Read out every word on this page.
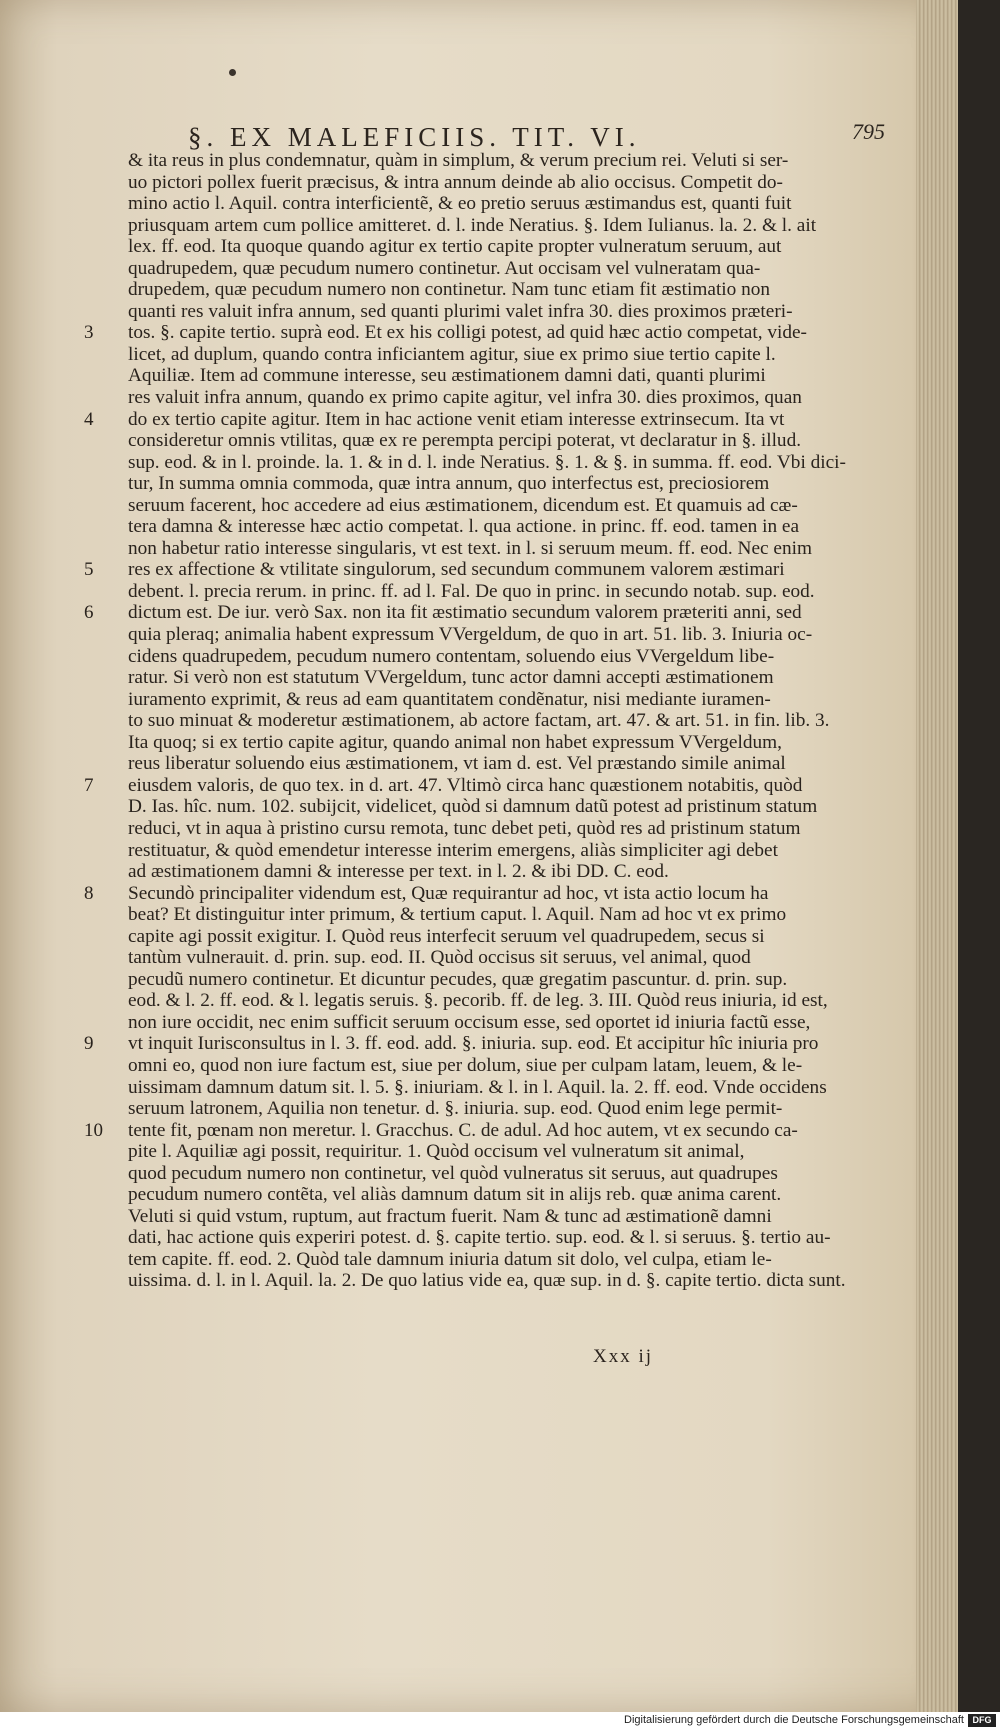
§. EX MALEFICIIS. TIT. VI.	795
& ita reus in plus condemnatur, quàm in simplum, & verum precium rei. Veluti si ser-
uo pictori pollex fuerit præcisus, & intra annum deinde ab alio occisus. Competit do-
mino actio l. Aquil. contra interficientẽ, & eo pretio seruus æstimandus est, quanti fuit
priusquam artem cum pollice amitteret. d. l. inde Neratius. §. Idem Iulianus. la. 2. & l. ait
lex. ff. eod. Ita quoque quando agitur ex tertio capite propter vulneratum seruum, aut
quadrupedem, quæ pecudum numero continetur. Aut occisam vel vulneratam qua-
drupedem, quæ pecudum numero non continetur. Nam tunc etiam fit æstimatio non
quanti res valuit infra annum, sed quanti plurimi valet infra 30. dies proximos præteri-
3 tos. §. capite tertio. suprà eod. Et ex his colligi potest, ad quid hæc actio competat, vide-
licet, ad duplum, quando contra inficiantem agitur, siue ex primo siue tertio capite l.
Aquiliæ. Item ad commune interesse, seu æstimationem damni dati, quanti plurimi
res valuit infra annum, quando ex primo capite agitur, vel infra 30. dies proximos, quan
4 do ex tertio capite agitur. Item in hac actione venit etiam interesse extrinsecum. Ita vt
consideretur omnis vtilitas, quæ ex re perempta percipi poterat, vt declaratur in §. illud.
sup. eod. & in l. proinde. la. 1. & in d. l. inde Neratius. §. 1. & §. in summa. ff. eod. Vbi dici-
tur, In summa omnia commoda, quæ intra annum, quo interfectus est, preciosiorem
seruum facerent, hoc accedere ad eius æstimationem, dicendum est. Et quamuis ad cæ-
tera damna & interesse hæc actio competat. l. qua actione. in princ. ff. eod. tamen in ea
non habetur ratio interesse singularis, vt est text. in l. si seruum meum. ff. eod. Nec enim
5 res ex affectione & vtilitate singulorum, sed secundum communem valorem æstimari
debent. l. precia rerum. in princ. ff. ad l. Fal. De quo in princ. in secundo notab. sup. eod.
6 dictum est. De iur. verò Sax. non ita fit æstimatio secundum valorem præteriti anni, sed
quia pleraq; animalia habent expressum VVergeldum, de quo in art. 51. lib. 3. Iniuria oc-
cidens quadrupedem, pecudum numero contentam, soluendo eius VVergeldum libe-
ratur. Si verò non est statutum VVergeldum, tunc actor damni accepti æstimationem
iuramento exprimit, & reus ad eam quantitatem condẽnatur, nisi mediante iuramen-
to suo minuat & moderetur æstimationem, ab actore factam, art. 47. & art. 51. in fin. lib. 3.
Ita quoq; si ex tertio capite agitur, quando animal non habet expressum VVergeldum,
reus liberatur soluendo eius æstimationem, vt iam d. est. Vel præstando simile animal
7 eiusdem valoris, de quo tex. in d. art. 47. Vltimò circa hanc quæstionem notabitis, quòd
D. Ias. hîc. num. 102. subijcit, videlicet, quòd si damnum datũ potest ad pristinum statum
reduci, vt in aqua à pristino cursu remota, tunc debet peti, quòd res ad pristinum statum
restituatur, & quòd emendetur interesse interim emergens, aliàs simpliciter agi debet
ad æstimationem damni & interesse per text. in l. 2. & ibi DD. C. eod.
8 Secundò principaliter videndum est, Quæ requirantur ad hoc, vt ista actio locum ha
beat? Et distinguitur inter primum, & tertium caput. l. Aquil. Nam ad hoc vt ex primo
capite agi possit exigitur. I. Quòd reus interfecit seruum vel quadrupedem, secus si
tantùm vulnerauit. d. prin. sup. eod. II. Quòd occisus sit seruus, vel animal, quod
pecudũ numero continetur. Et dicuntur pecudes, quæ gregatim pascuntur. d. prin. sup.
eod. & l. 2. ff. eod. & l. legatis seruis. §. pecorib. ff. de leg. 3. III. Quòd reus iniuria, id est,
non iure occidit, nec enim sufficit seruum occisum esse, sed oportet id iniuria factũ esse,
9 vt inquit Iurisconsultus in l. 3. ff. eod. add. §. iniuria. sup. eod. Et accipitur hîc iniuria pro
omni eo, quod non iure factum est, siue per dolum, siue per culpam latam, leuem, & le-
uissimam damnum datum sit. l. 5. §. iniuriam. & l. in l. Aquil. la. 2. ff. eod. Vnde occidens
seruum latronem, Aquilia non tenetur. d. §. iniuria. sup. eod. Quod enim lege permit-
10 tente fit, pœnam non meretur. l. Gracchus. C. de adul. Ad hoc autem, vt ex secundo ca-
pite l. Aquiliæ agi possit, requiritur. 1. Quòd occisum vel vulneratum sit animal,
quod pecudum numero non continetur, vel quòd vulneratus sit seruus, aut quadrupes
pecudum numero contẽta, vel aliàs damnum datum sit in alijs reb. quæ anima carent.
Veluti si quid vstum, ruptum, aut fractum fuerit. Nam & tunc ad æstimationẽ damni
dati, hac actione quis experiri potest. d. §. capite tertio. sup. eod. & l. si seruus. §. tertio au-
tem capite. ff. eod. 2. Quòd tale damnum iniuria datum sit dolo, vel culpa, etiam le-
uissima. d. l. in l. Aquil. la. 2. De quo latius vide ea, quæ sup. in d. §. capite tertio. dicta sunt.
Xxx ij
Digitalisierung gefördert durch die Deutsche Forschungsgemeinschaft DFG
